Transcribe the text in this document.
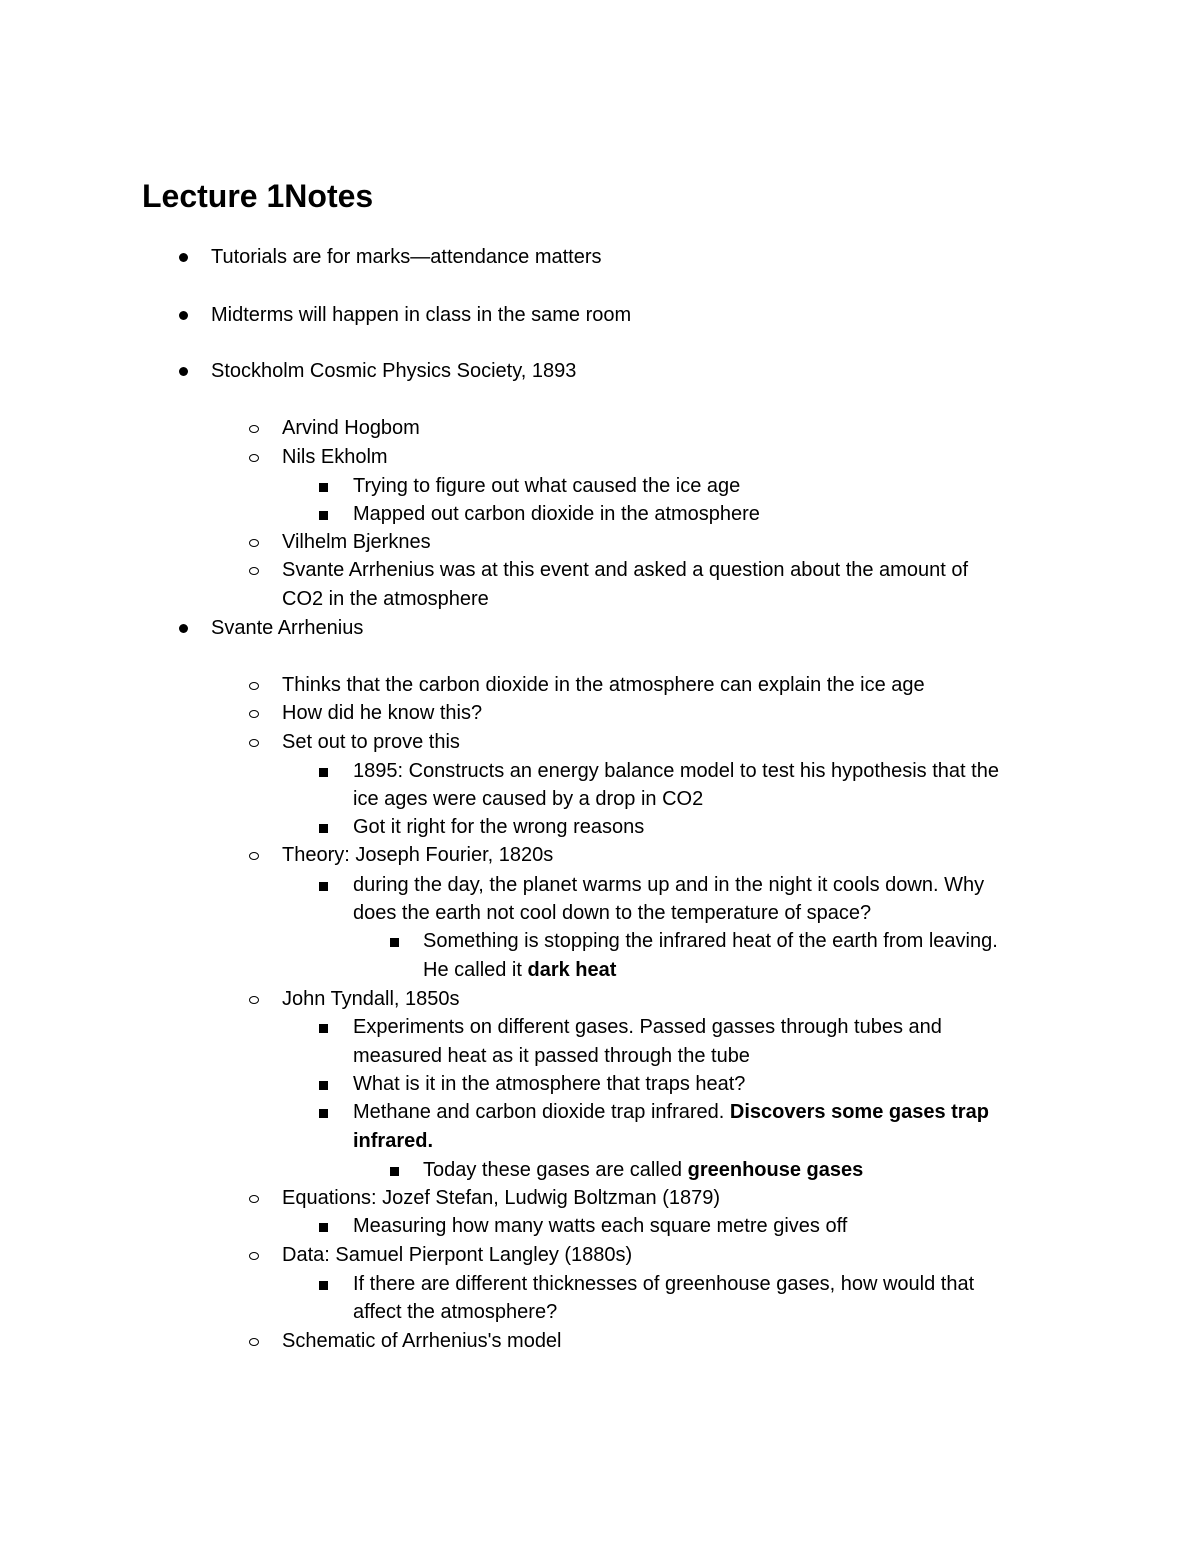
Lecture 1Notes
Tutorials are for marks—attendance matters
Midterms will happen in class in the same room
Stockholm Cosmic Physics Society, 1893
Arvind Hogbom
Nils Ekholm
Trying to figure out what caused the ice age
Mapped out carbon dioxide in the atmosphere
Vilhelm Bjerknes
Svante Arrhenius was at this event and asked a question about the amount of
CO2 in the atmosphere
Svante Arrhenius
Thinks that the carbon dioxide in the atmosphere can explain the ice age
How did he know this?
Set out to prove this
1895: Constructs an energy balance model to test his hypothesis that the
ice ages were caused by a drop in CO2
Got it right for the wrong reasons
Theory: Joseph Fourier, 1820s
during the day, the planet warms up and in the night it cools down. Why
does the earth not cool down to the temperature of space?
Something is stopping the infrared heat of the earth from leaving.
He called it dark heat
John Tyndall, 1850s
Experiments on different gases. Passed gasses through tubes and
measured heat as it passed through the tube
What is it in the atmosphere that traps heat?
Methane and carbon dioxide trap infrared. Discovers some gases trap
infrared.
Today these gases are called greenhouse gases
Equations: Jozef Stefan, Ludwig Boltzman (1879)
Measuring how many watts each square metre gives off
Data: Samuel Pierpont Langley (1880s)
If there are different thicknesses of greenhouse gases, how would that
affect the atmosphere?
Schematic of Arrhenius's model
